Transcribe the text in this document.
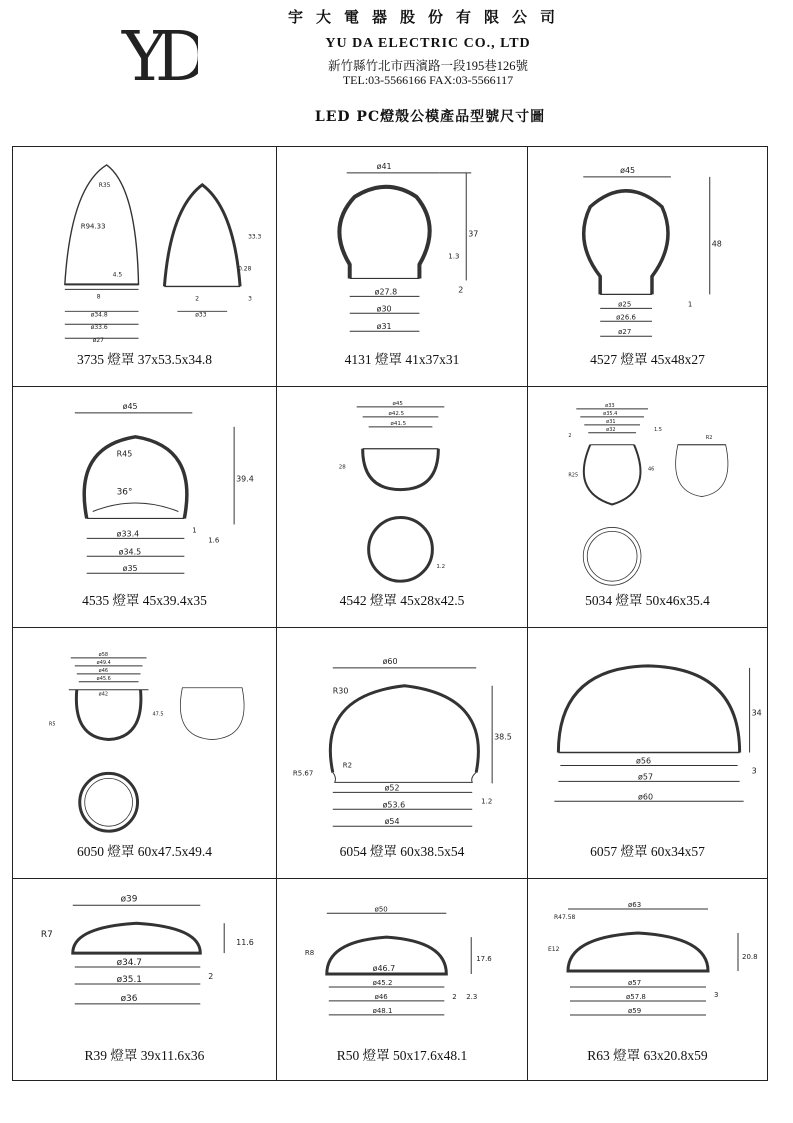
YD
宇大電器股份有限公司
YU DA ELECTRIC CO., LTD
新竹縣竹北市西濱路一段195巷126號
TEL:03-5566166 FAX:03-5566117
LED PC燈殼公模產品型號尺寸圖
R35
R94.33
4.5
8
ø34.8
ø33.6
ø27
2	3
ø33
33.3
0.28
3735 燈罩 37x53.5x34.8
ø41
37
1.3
ø27.8	2
ø30
ø31
4131 燈罩 41x37x31
ø45
48
ø25
ø26.6
1
ø27
4527 燈罩 45x48x27
ø45
R45
36°
39.4
ø33.4	1
1.6
ø34.5
ø35
4535 燈罩 45x39.4x35
ø45
ø42.5
ø41.5
28
1.2
4542 燈罩 45x28x42.5
ø33
ø35.4
ø31
ø32
R25
46
2
1.5
R2
5034 燈罩 50x46x35.4
ø58
ø49.4
ø46
ø45.6
ø42
R5
47.5
6050 燈罩 60x47.5x49.4
ø60
R30
38.5
R5.67
R2
ø52
ø53.6	1.2
ø54
6054 燈罩 60x38.5x54
34
ø56
3
ø57
ø60
6057 燈罩 60x34x57
ø39
R7
11.6
ø34.7
2
ø35.1
ø36
R39 燈罩 39x11.6x36
ø50
R8
ø46.7
17.6
ø45.2
2 2.3
ø46
ø48.1
R50 燈罩 50x17.6x48.1
ø63
R47.58
E12
20.8
ø57
3
ø57.8
ø59
R63 燈罩 63x20.8x59
